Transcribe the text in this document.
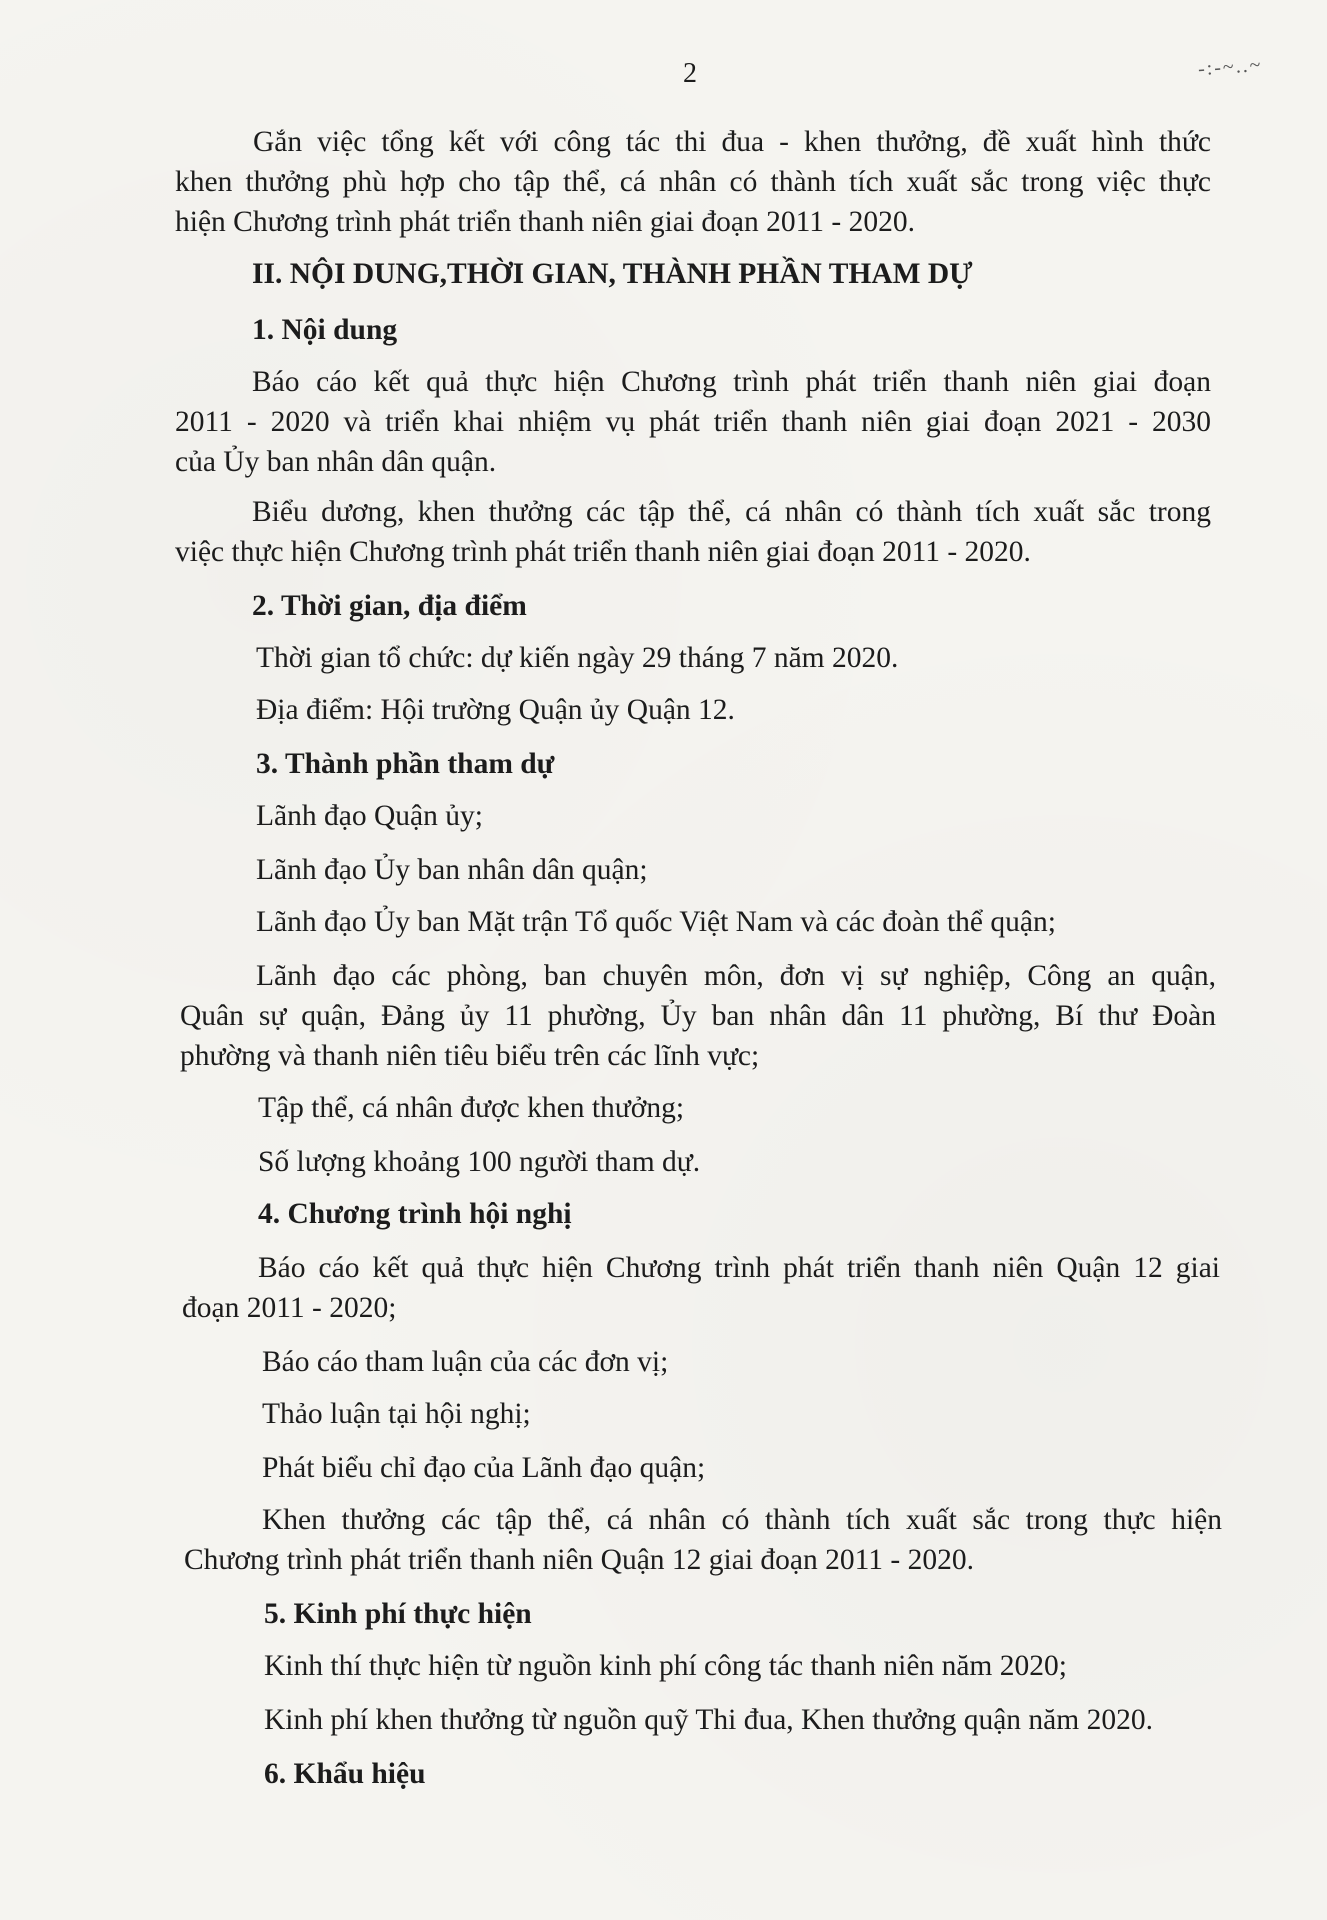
2	-:-~..~
Gắn việc tổng kết với công tác thi đua - khen thưởng, đề xuất hình thức
khen thưởng phù hợp cho tập thể, cá nhân có thành tích xuất sắc trong việc thực
hiện Chương trình phát triển thanh niên giai đoạn 2011 - 2020.
II. NỘI DUNG,THỜI GIAN, THÀNH PHẦN THAM DỰ
1. Nội dung
Báo cáo kết quả thực hiện Chương trình phát triển thanh niên giai đoạn
2011 - 2020 và triển khai nhiệm vụ phát triển thanh niên giai đoạn 2021 - 2030
của Ủy ban nhân dân quận.
Biểu dương, khen thưởng các tập thể, cá nhân có thành tích xuất sắc trong
việc thực hiện Chương trình phát triển thanh niên giai đoạn 2011 - 2020.
2. Thời gian, địa điểm
Thời gian tổ chức: dự kiến ngày 29 tháng 7 năm 2020.
Địa điểm: Hội trường Quận ủy Quận 12.
3. Thành phần tham dự
Lãnh đạo Quận ủy;
Lãnh đạo Ủy ban nhân dân quận;
Lãnh đạo Ủy ban Mặt trận Tổ quốc Việt Nam và các đoàn thể quận;
Lãnh đạo các phòng, ban chuyên môn, đơn vị sự nghiệp, Công an quận,
Quân sự quận, Đảng ủy 11 phường, Ủy ban nhân dân 11 phường, Bí thư Đoàn
phường và thanh niên tiêu biểu trên các lĩnh vực;
Tập thể, cá nhân được khen thưởng;
Số lượng khoảng 100 người tham dự.
4. Chương trình hội nghị
Báo cáo kết quả thực hiện Chương trình phát triển thanh niên Quận 12 giai
đoạn 2011 - 2020;
Báo cáo tham luận của các đơn vị;
Thảo luận tại hội nghị;
Phát biểu chỉ đạo của Lãnh đạo quận;
Khen thưởng các tập thể, cá nhân có thành tích xuất sắc trong thực hiện
Chương trình phát triển thanh niên Quận 12 giai đoạn 2011 - 2020.
5. Kinh phí thực hiện
Kinh thí thực hiện từ nguồn kinh phí công tác thanh niên năm 2020;
Kinh phí khen thưởng từ nguồn quỹ Thi đua, Khen thưởng quận năm 2020.
6. Khẩu hiệu
